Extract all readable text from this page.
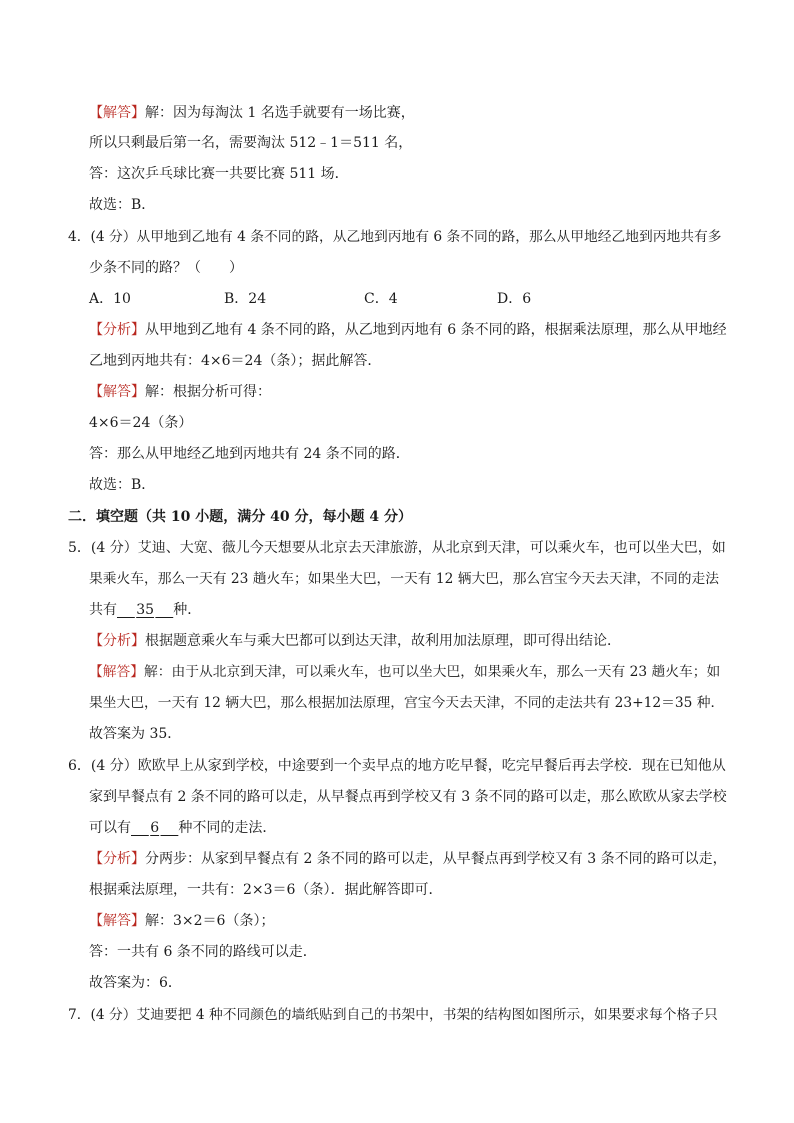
【解答】解：因为每淘汰 1 名选手就要有一场比赛，
所以只剩最后第一名，需要淘汰 512﹣1＝511 名，
答：这次乒乓球比赛一共要比赛 511 场．
故选：B．
4．(4 分）从甲地到乙地有 4 条不同的路，从乙地到丙地有 6 条不同的路，那么从甲地经乙地到丙地共有多
少条不同的路？（　　）
A．10	B．24	C．4	D．6
【分析】从甲地到乙地有 4 条不同的路，从乙地到丙地有 6 条不同的路，根据乘法原理，那么从甲地经
乙地到丙地共有：4×6＝24（条）；据此解答．
【解答】解：根据分析可得：
4×6＝24（条）
答：那么从甲地经乙地到丙地共有 24 条不同的路．
故选：B．
二．填空题（共 10 小题，满分 40 分，每小题 4 分）
5．(4 分）艾迪、大宽、薇儿今天想要从北京去天津旅游，从北京到天津，可以乘火车，也可以坐大巴，如
果乘火车，那么一天有 23 趟火车；如果坐大巴，一天有 12 辆大巴，那么宫宝今天去天津，不同的走法
共有 35 种．
【分析】根据题意乘火车与乘大巴都可以到达天津，故利用加法原理，即可得出结论．
【解答】解：由于从北京到天津，可以乘火车，也可以坐大巴，如果乘火车，那么一天有 23 趟火车；如
果坐大巴，一天有 12 辆大巴，那么根据加法原理，宫宝今天去天津，不同的走法共有 23+12＝35 种．
故答案为 35．
6．(4 分）欧欧早上从家到学校，中途要到一个卖早点的地方吃早餐，吃完早餐后再去学校．现在已知他从
家到早餐点有 2 条不同的路可以走，从早餐点再到学校又有 3 条不同的路可以走，那么欧欧从家去学校
可以有 6 种不同的走法．
【分析】分两步：从家到早餐点有 2 条不同的路可以走，从早餐点再到学校又有 3 条不同的路可以走，
根据乘法原理，一共有：2×3＝6（条）．据此解答即可．
【解答】解：3×2＝6（条）；
答：一共有 6 条不同的路线可以走．
故答案为：6．
7．(4 分）艾迪要把 4 种不同颜色的墙纸贴到自己的书架中，书架的结构图如图所示，如果要求每个格子只
